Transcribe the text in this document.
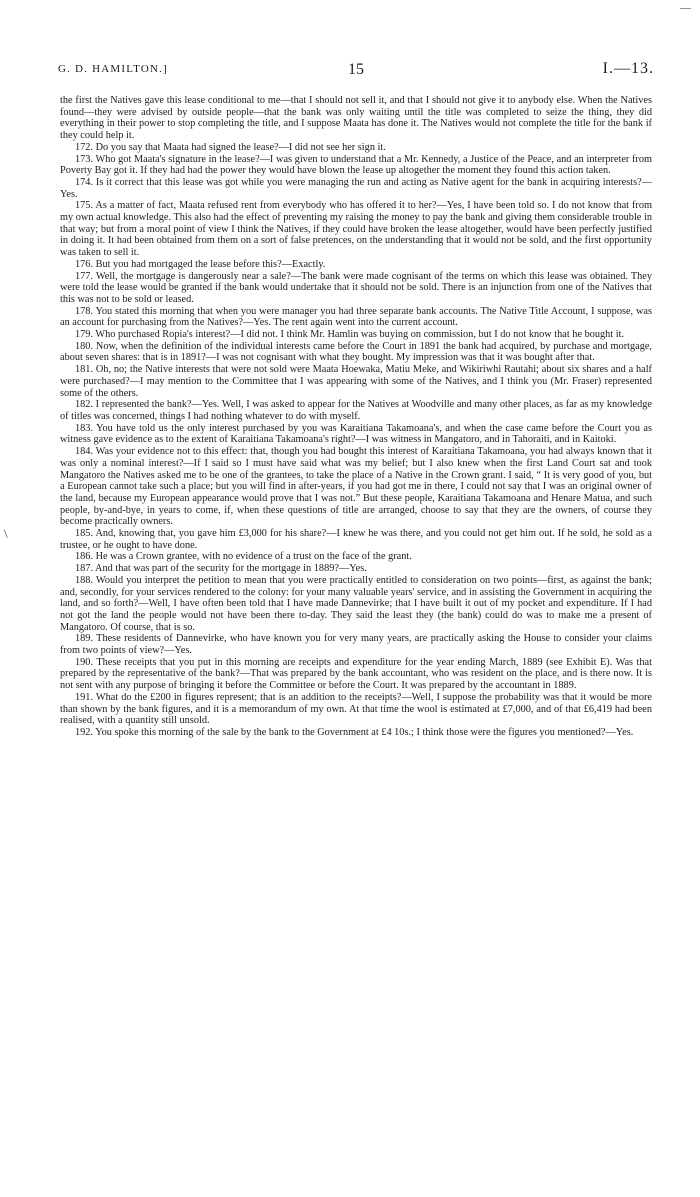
—
\
G. D. HAMILTON.]	15	I.—13.

the first the Natives gave this lease conditional to me—that I should not sell it, and that I should not give it to anybody else. When the Natives found—they were advised by outside people—that the bank was only waiting until the title was completed to seize the thing, they did everything in their power to stop completing the title, and I suppose Maata has done it. The Natives would not complete the title for the bank if they could help it.

172. Do you say that Maata had signed the lease?—I did not see her sign it.

173. Who got Maata's signature in the lease?—I was given to understand that a Mr. Kennedy, a Justice of the Peace, and an interpreter from Poverty Bay got it. If they had had the power they would have blown the lease up altogether the moment they found this action taken.

174. Is it correct that this lease was got while you were managing the run and acting as Native agent for the bank in acquiring interests?—Yes.

175. As a matter of fact, Maata refused rent from everybody who has offered it to her?—Yes, I have been told so. I do not know that from my own actual knowledge. This also had the effect of preventing my raising the money to pay the bank and giving them considerable trouble in that way; but from a moral point of view I think the Natives, if they could have broken the lease altogether, would have been perfectly justified in doing it. It had been obtained from them on a sort of false pretences, on the understanding that it would not be sold, and the first opportunity was taken to sell it.

176. But you had mortgaged the lease before this?—Exactly.

177. Well, the mortgage is dangerously near a sale?—The bank were made cognisant of the terms on which this lease was obtained. They were told the lease would be granted if the bank would undertake that it should not be sold. There is an injunction from one of the Natives that this was not to be sold or leased.

178. You stated this morning that when you were manager you had three separate bank accounts. The Native Title Account, I suppose, was an account for purchasing from the Natives?—Yes. The rent again went into the current account.

179. Who purchased Ropia's interest?—I did not. I think Mr. Hamlin was buying on commission, but I do not know that he bought it.

180. Now, when the definition of the individual interests came before the Court in 1891 the bank had acquired, by purchase and mortgage, about seven shares: that is in 1891?—I was not cognisant with what they bought. My impression was that it was bought after that.

181. Oh, no; the Native interests that were not sold were Maata Hoewaka, Matiu Meke, and Wikiriwhi Rautahi; about six shares and a half were purchased?—I may mention to the Committee that I was appearing with some of the Natives, and I think you (Mr. Fraser) represented some of the others.

182. I represented the bank?—Yes. Well, I was asked to appear for the Natives at Woodville and many other places, as far as my knowledge of titles was concerned, things I had nothing whatever to do with myself.

183. You have told us the only interest purchased by you was Karaitiana Takamoana's, and when the case came before the Court you as witness gave evidence as to the extent of Karaitiana Takamoana's right?—I was witness in Mangatoro, and in Tahoraiti, and in Kaitoki.

184. Was your evidence not to this effect: that, though you had bought this interest of Karaitiana Takamoana, you had always known that it was only a nominal interest?—If I said so I must have said what was my belief; but I also knew when the first Land Court sat and took Mangatoro the Natives asked me to be one of the grantees, to take the place of a Native in the Crown grant. I said, “ It is very good of you, but a European cannot take such a place; but you will find in after-years, if you had got me in there, I could not say that I was an original owner of the land, because my European appearance would prove that I was not.” But these people, Karaitiana Takamoana and Henare Matua, and such people, by-and-bye, in years to come, if, when these questions of title are arranged, choose to say that they are the owners, of course they become practically owners.

185. And, knowing that, you gave him £3,000 for his share?—I knew he was there, and you could not get him out. If he sold, he sold as a trustee, or he ought to have done.

186. He was a Crown grantee, with no evidence of a trust on the face of the grant.

187. And that was part of the security for the mortgage in 1889?—Yes.

188. Would you interpret the petition to mean that you were practically entitled to consideration on two points—first, as against the bank; and, secondly, for your services rendered to the colony: for your many valuable years' service, and in assisting the Government in acquiring the land, and so forth?—Well, I have often been told that I have made Dannevirke; that I have built it out of my pocket and expenditure. If I had not got the land the people would not have been there to-day. They said the least they (the bank) could do was to make me a present of Mangatoro. Of course, that is so.

189. These residents of Dannevirke, who have known you for very many years, are practically asking the House to consider your claims from two points of view?—Yes.

190. These receipts that you put in this morning are receipts and expenditure for the year ending March, 1889 (see Exhibit E). Was that prepared by the representative of the bank?—That was prepared by the bank accountant, who was resident on the place, and is there now. It is not sent with any purpose of bringing it before the Committee or before the Court. It was prepared by the accountant in 1889.

191. What do the £200 in figures represent; that is an addition to the receipts?—Well, I suppose the probability was that it would be more than shown by the bank figures, and it is a memorandum of my own. At that time the wool is estimated at £7,000, and of that £6,419 had been realised, with a quantity still unsold.

192. You spoke this morning of the sale by the bank to the Government at £4 10s.; I think those were the figures you mentioned?—Yes.
